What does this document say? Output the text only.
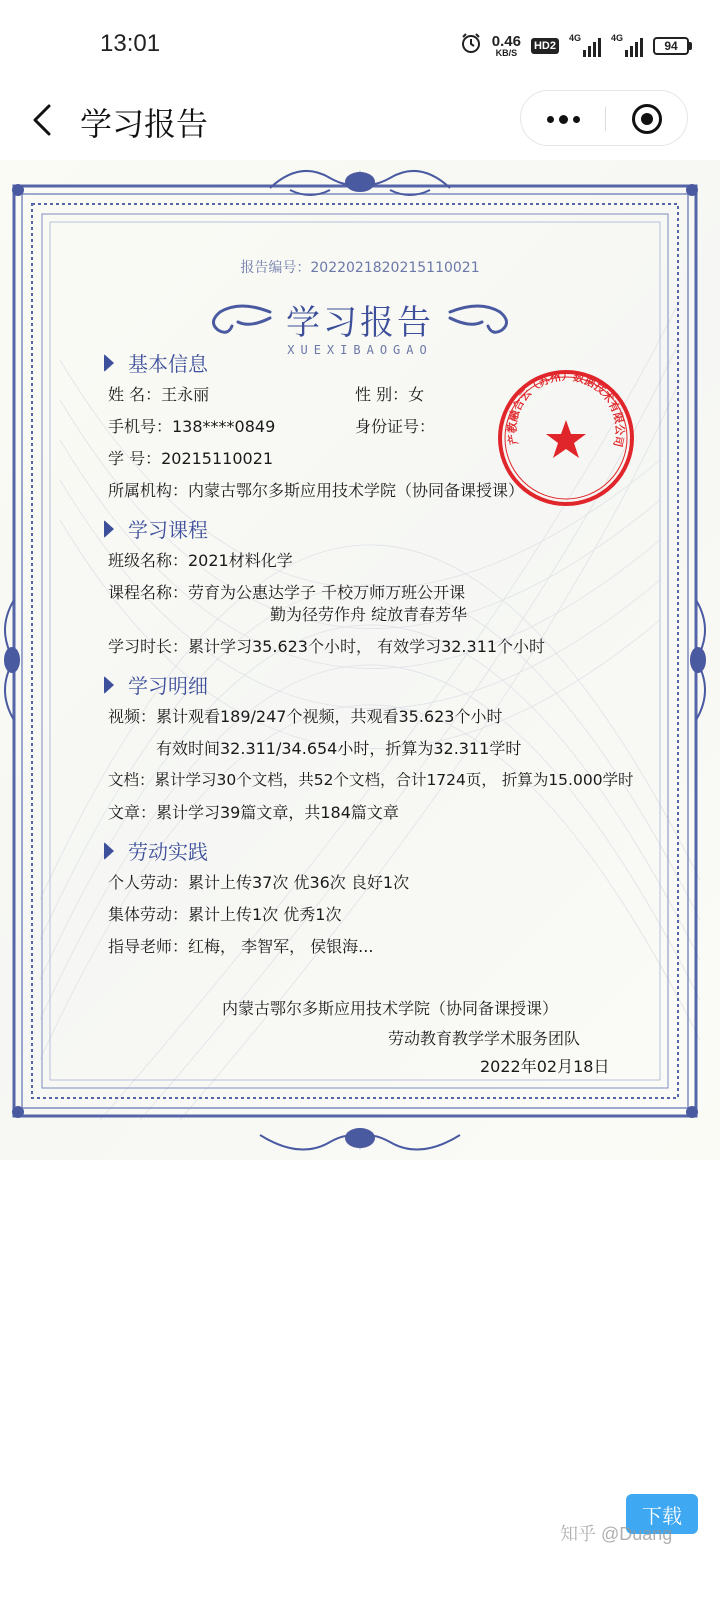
13:01	0.46
KB/S
HD2
4G	4G
94
学习报告
报告编号：2022021820215110021
学习报告
XUEXIBAOGAO
基本信息
姓 名：王永丽	性 别：女
手机号：138****0849	身份证号：
学 号：20215110021
所属机构：内蒙古鄂尔多斯应用技术学院（协同备课授课）
学习课程
班级名称：2021材料化学
课程名称：劳育为公惠达学子 千校万师万班公开课
勤为径劳作舟 绽放青春芳华
学习时长：累计学习35.623个小时， 有效学习32.311个小时
学习明细
视频：累计观看189/247个视频，共观看35.623个小时
有效时间32.311/34.654小时，折算为32.311学时
文档：累计学习30个文档，共52个文档，合计1724页， 折算为15.000学时
文章：累计学习39篇文章，共184篇文章
劳动实践
个人劳动：累计上传37次 优36次 良好1次
集体劳动：累计上传1次 优秀1次
指导老师：红梅， 李智军， 侯银海...
内蒙古鄂尔多斯应用技术学院（协同备课授课）
劳动教育教学学术服务团队
2022年02月18日
产教融合云（苏州）数据技术有限公司
下载
知乎 @Duang
